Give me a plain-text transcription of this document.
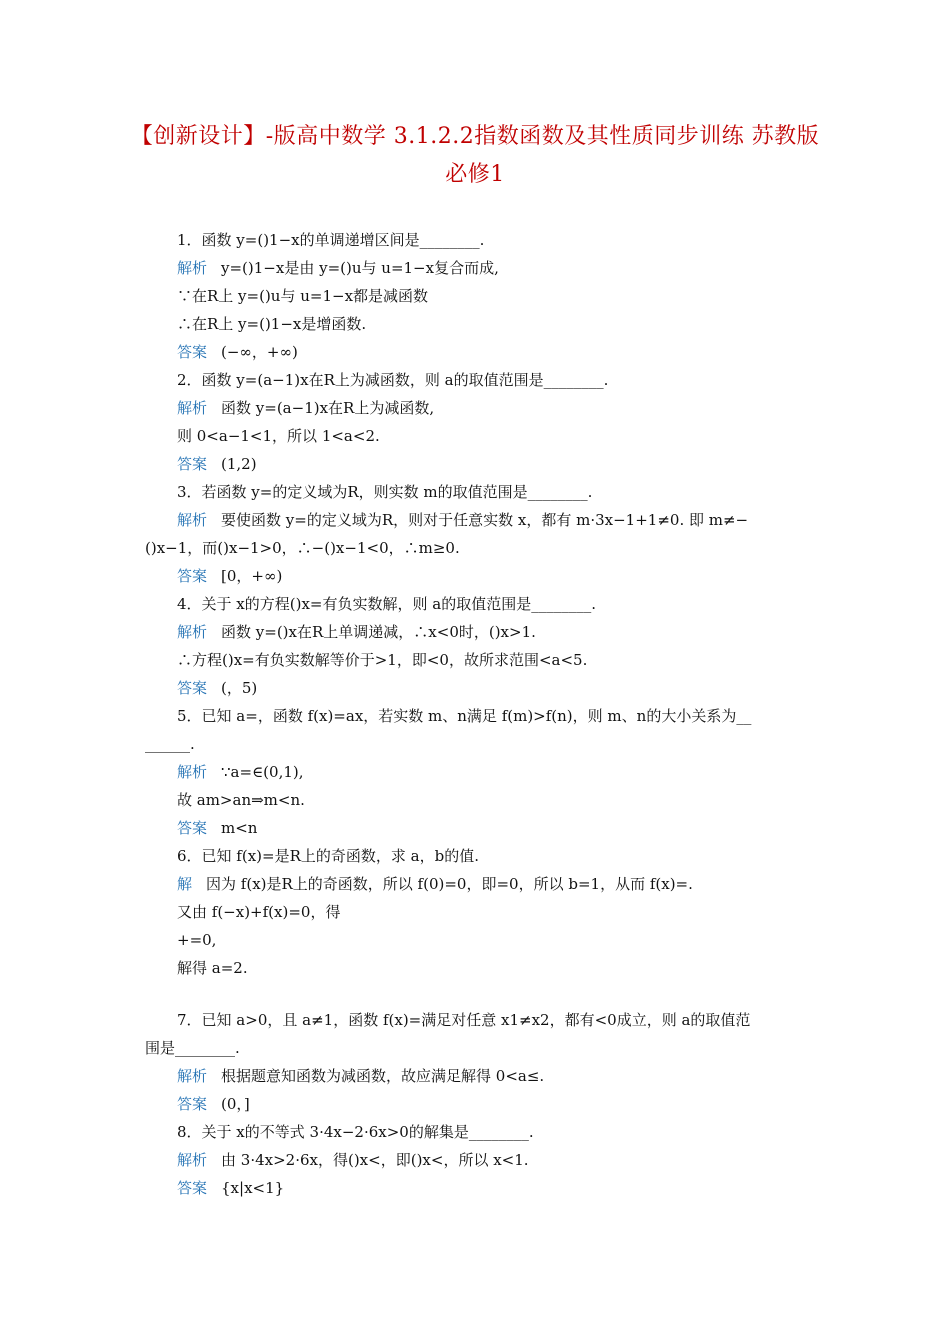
【创新设计】-版高中数学 3.1.2.2指数函数及其性质同步训练 苏教版必修1
1．函数 y=()1−x的单调递增区间是________.
解析 y=()1−x是由 y=()u与 u=1−x复合而成,
∵在R上 y=()u与 u=1−x都是减函数
∴在R上 y=()1−x是增函数.
答案 (−∞，+∞)
2．函数 y=(a−1)x在R上为减函数，则 a的取值范围是________.
解析 函数 y=(a−1)x在R上为减函数,
则 0<a−1<1，所以 1<a<2.
答案 (1,2)
3．若函数 y=的定义域为R，则实数 m的取值范围是________.
解析 要使函数 y=的定义域为R，则对于任意实数 x，都有 m·3x−1+1≠0. 即 m≠−
()x−1，而()x−1>0，∴−()x−1<0，∴m≥0.
答案 [0，+∞)
4．关于 x的方程()x=有负实数解，则 a的取值范围是________.
解析 函数 y=()x在R上单调递减，∴x<0时，()x>1.
∴方程()x=有负实数解等价于>1，即<0，故所求范围<a<5.
答案 (，5)
5．已知 a=，函数 f(x)=ax，若实数 m、n满足 f(m)>f(n)，则 m、n的大小关系为__
______.
解析 ∵a=∈(0,1),
故 am>an⇒m<n.
答案 m<n
6．已知 f(x)=是R上的奇函数，求 a，b的值.
解 因为 f(x)是R上的奇函数，所以 f(0)=0，即=0，所以 b=1，从而 f(x)=.
又由 f(−x)+f(x)=0，得
+=0,
解得 a=2.
7．已知 a>0，且 a≠1，函数 f(x)=满足对任意 x1≠x2，都有<0成立，则 a的取值范
围是________.
解析 根据题意知函数为减函数，故应满足解得 0<a≤.
答案 (0，]
8．关于 x的不等式 3·4x−2·6x>0的解集是________.
解析 由 3·4x>2·6x，得()x<，即()x<，所以 x<1.
答案 {x|x<1}
